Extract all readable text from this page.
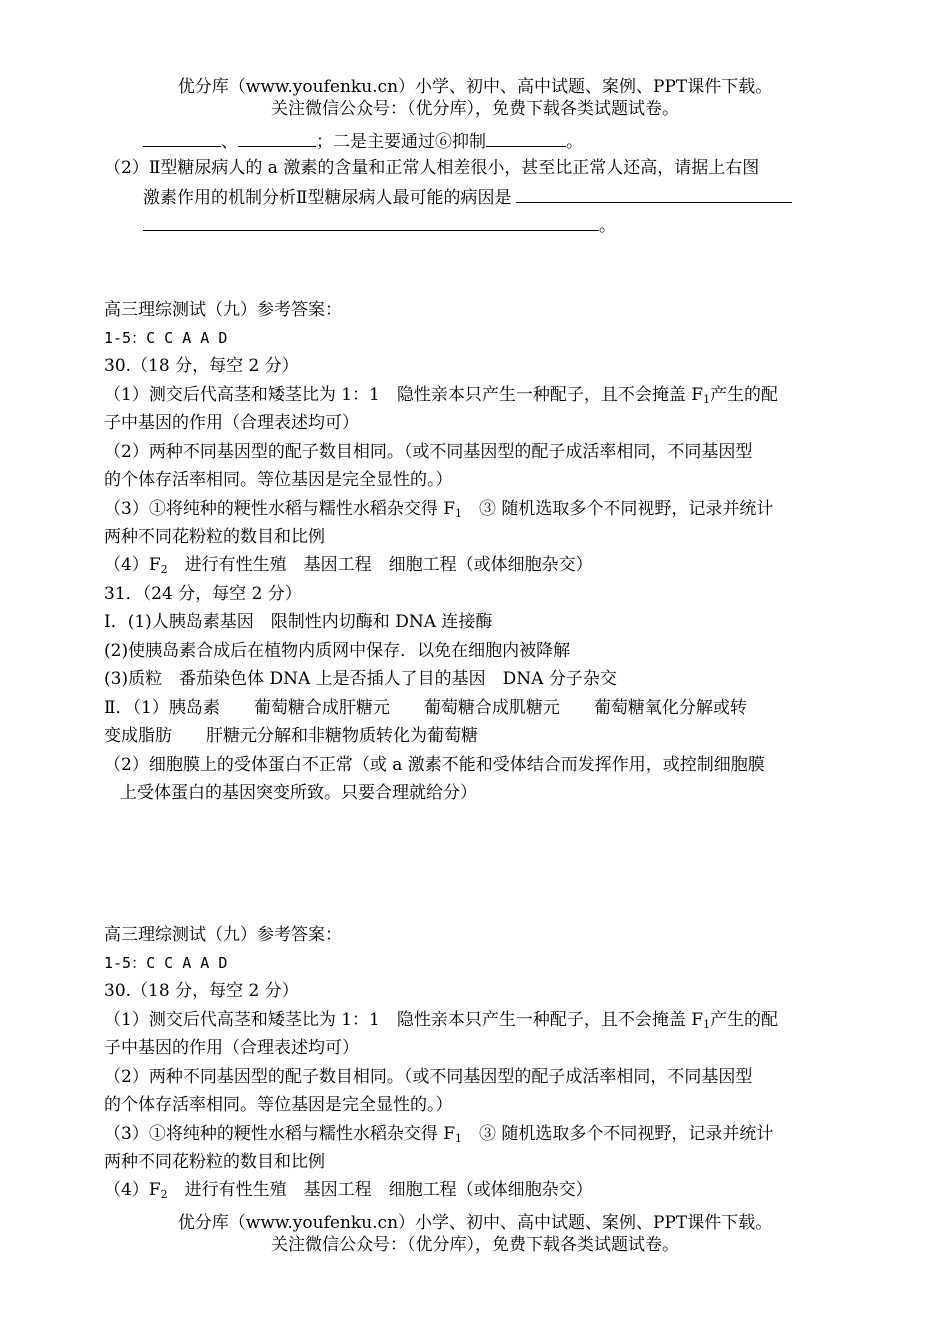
优分库（www.youfenku.cn）小学、初中、高中试题、案例、PPT课件下载。
关注微信公众号：（优分库），免费下载各类试题试卷。
、	；二是主要通过⑥抑制	。
（2）Ⅱ型糖尿病人的 a 激素的含量和正常人相差很小，甚至比正常人还高，请据上右图
激素作用的机制分析Ⅱ型糖尿病人最可能的病因是
。
高三理综测试（九）参考答案：
1-5：C C A A D
30.（18 分，每空 2 分）
（1）测交后代高茎和矮茎比为 1：1　隐性亲本只产生一种配子，且不会掩盖 $F_1$产生的配
子中基因的作用（合理表述均可）
（2）两种不同基因型的配子数目相同。（或不同基因型的配子成活率相同，不同基因型
的个体存活率相同。等位基因是完全显性的。）
（3）①将纯种的粳性水稻与糯性水稻杂交得 $F_1$　③ 随机选取多个不同视野，记录并统计
两种不同花粉粒的数目和比例
$(4)F_2$　进行有性生殖　基因工程　细胞工程（或体细胞杂交）
31．（24 分，每空 2 分）
I．(1)人胰岛素基因　限制性内切酶和 DNA 连接酶
(2)使胰岛素合成后在植物内质网中保存．以免在细胞内被降解
(3)质粒　番茄染色体 DNA 上是否插人了目的基因　DNA 分子杂交
Ⅱ．（1）胰岛素　　葡萄糖合成肝糖元　　葡萄糖合成肌糖元　　葡萄糖氧化分解或转
变成脂肪　　肝糖元分解和非糖物质转化为葡萄糖
（2）细胞膜上的受体蛋白不正常（或 a 激素不能和受体结合而发挥作用，或控制细胞膜
上受体蛋白的基因突变所致。只要合理就给分）
高三理综测试（九）参考答案：
1-5：C C A A D
30.（18 分，每空 2 分）
（1）测交后代高茎和矮茎比为 1：1　隐性亲本只产生一种配子，且不会掩盖 $F_1$产生的配
子中基因的作用（合理表述均可）
（2）两种不同基因型的配子数目相同。（或不同基因型的配子成活率相同，不同基因型
的个体存活率相同。等位基因是完全显性的。）
（3）①将纯种的粳性水稻与糯性水稻杂交得 $F_1$　③ 随机选取多个不同视野，记录并统计
两种不同花粉粒的数目和比例
$(4)F_2$　进行有性生殖　基因工程　细胞工程（或体细胞杂交）
优分库（www.youfenku.cn）小学、初中、高中试题、案例、PPT课件下载。
关注微信公众号：（优分库），免费下载各类试题试卷。
